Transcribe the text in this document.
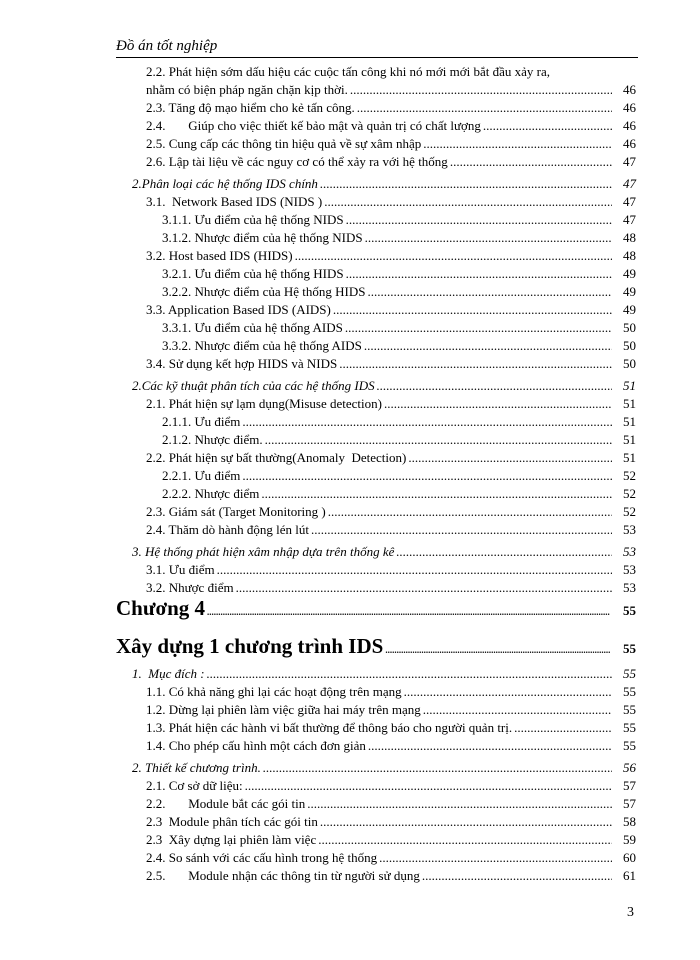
Đồ án tốt nghiệp
2.2. Phát hiện sớm dấu hiệu các cuộc tấn công khi nó mới mới bắt đầu xảy ra,
nhằm có biện pháp ngăn chặn kịp thời. .....	46
2.3. Tăng độ mạo hiểm cho kẻ tấn công. .....	46
2.4.       Giúp cho việc thiết kế bảo mật và quản trị có chất lượng .....	46
2.5. Cung cấp các thông tin hiệu quả về sự xâm nhập .....	46
2.6. Lập tài liệu về các nguy cơ có thể xảy ra với hệ thống .....	47
2.Phân loại các hệ thống IDS chính .....	47
3.1.  Network Based IDS (NIDS ) .....	47
3.1.1. Ưu điểm của hệ thống NIDS .....	47
3.1.2. Nhược điểm của hệ thống NIDS .....	48
3.2. Host based IDS (HIDS) .....	48
3.2.1. Ưu điểm của hệ thống HIDS .....	49
3.2.2. Nhược điểm của Hệ thống HIDS .....	49
3.3. Application Based IDS (AIDS) .....	49
3.3.1. Ưu điểm của hệ thống AIDS .....	50
3.3.2. Nhược điểm của hệ thống AIDS .....	50
3.4. Sử dụng kết hợp HIDS và NIDS .....	50
2.Các kỹ thuật phân tích của các hệ thống IDS .....	51
2.1. Phát hiện sự lạm dụng(Misuse detection) .....	51
2.1.1. Ưu điểm .....	51
2.1.2. Nhược điểm. .....	51
2.2. Phát hiện sự bất thường(Anomaly  Detection) .....	51
2.2.1. Ưu điểm .....	52
2.2.2. Nhược điểm .....	52
2.3. Giám sát (Target Monitoring ) .....	52
2.4. Thăm dò hành động lén lút .....	53
3. Hệ thống phát hiện xâm nhập dựa trên thống kê .....	53
3.1. Ưu điểm .....	53
3.2. Nhược điểm .....	53
Chương 4 .....	55
Xây dựng 1 chương trình IDS .....	55
1.  Mục đích : .....	55
1.1. Có khả năng ghi lại các hoạt động trên mạng .....	55
1.2. Dừng lại phiên làm việc giữa hai máy trên mạng .....	55
1.3. Phát hiện các hành vi bất thường để thông báo cho người quản trị. .....	55
1.4. Cho phép cấu hình một cách đơn giản .....	55
2. Thiết kế chương trình. .....	56
2.1. Cơ sở dữ liệu: .....	57
2.2.       Module bắt các gói tin .....	57
2.3  Module phân tích các gói tin .....	58
2.3  Xây dựng lại phiên làm việc .....	59
2.4. So sánh với các cấu hình trong hệ thống .....	60
2.5.       Module nhận các thông tin từ người sử dụng .....	61
3
